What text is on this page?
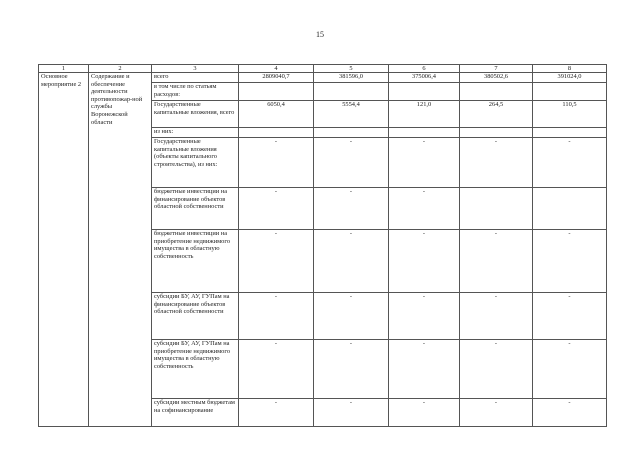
15
1	2	3	4	5	6	7	8
Основное мероприятие 2	Содержание и обеспечение деятельности противопожар-ной службы Воронежской области	всего	2809040,7	381596,0	375006,4	380502,6	391024,0
		в том числе по статьям расходов:					
		Государственные капитальные вложения, всего	6050,4	5554,4	121,0	264,5	110,5
		из них:					
		Государственные капитальные вложения (объекты капитального строительства), из них:	-	-	-	-	-
		бюджетные инвестиции на финансирование объектов областной собственности	-	-	-		
		бюджетные инвестиции на приобретение недвижимого имущества в областную собственность	-	-	-	-	-
		субсидии БУ, АУ, ГУПам на финансирование объектов областной собственности	-	-	-	-	-
		субсидии БУ, АУ, ГУПам на приобретение недвижимого имущества в областную собственность	-	-	-	-	-
		субсидии местным бюджетам на софинансирование	-	-	-	-	-
